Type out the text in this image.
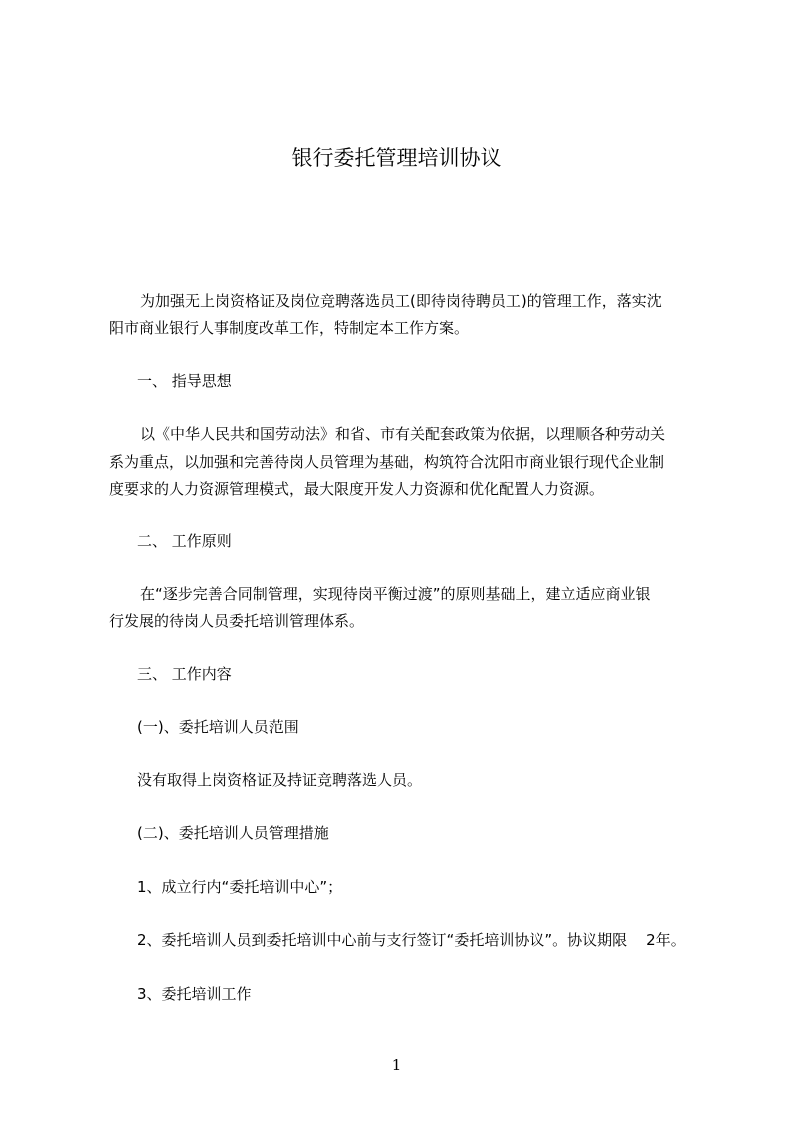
银行委托管理培训协议
为加强无上岗资格证及岗位竞聘落选员工(即待岗待聘员工)的管理工作，落实沈
阳市商业银行人事制度改革工作，特制定本工作方案。
一、 指导思想
以《中华人民共和国劳动法》和省、市有关配套政策为依据，以理顺各种劳动关
系为重点，以加强和完善待岗人员管理为基础，构筑符合沈阳市商业银行现代企业制
度要求的人力资源管理模式，最大限度开发人力资源和优化配置人力资源。
二、 工作原则
在“逐步完善合同制管理，实现待岗平衡过渡”的原则基础上，建立适应商业银
行发展的待岗人员委托培训管理体系。
三、 工作内容
(一)、委托培训人员范围
没有取得上岗资格证及持证竞聘落选人员。
(二)、委托培训人员管理措施
1、成立行内“委托培训中心”；
2、委托培训人员到委托培训中心前与支行签订“委托培训协议”。协议期限    2年。
3、委托培训工作
1
